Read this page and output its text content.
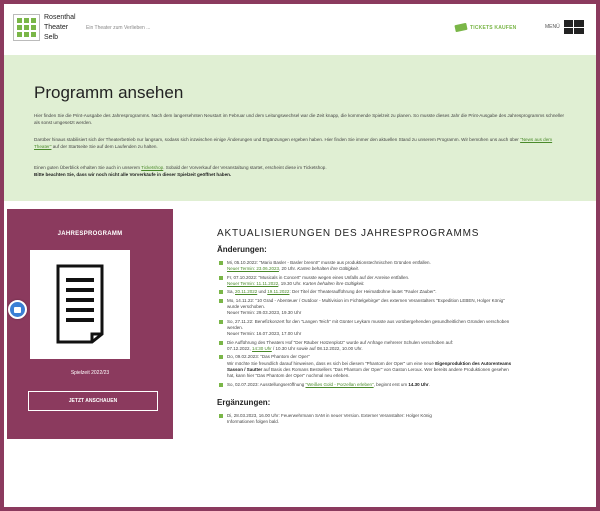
Rosenthal
Theater
Selb
Ein Theater zum Verlieben ...	TICKETS KAUFEN	MENÜ
Programm ansehen

Hier finden Sie die Print-Ausgabe des Jahresprogramms. Nach dem langersehnten Neustart im Februar und dem Leitungswechsel war die Zeit knapp, die kommende Spielzeit zu planen. So musste dieses Jahr die Print-Ausgabe des Jahresprogramms schneller als sonst umgesetzt werden.

Darüber hinaus stabilisiert sich der Theaterbetrieb nur langsam, sodass sich inzwischen einige Änderungen und Ergänzungen ergeben haben. Hier finden Sie immer den aktuellen Stand zu unserem Programm. Wir bemühen uns auch über "News aus dem Theater" auf der Startseite Sie auf dem Laufenden zu halten.

Einen guten Überblick erhalten Sie auch in unserem Ticketshop. Sobald der Vorverkauf der Veranstaltung startet, erscheint diese im Ticketshop.
Bitte beachten Sie, dass wir noch nicht alle Vorverkäufe in dieser Spielzeit geöffnet haben.

JAHRESPROGRAMM
Spielzeit 2022/23
JETZT ANSCHAUEN
AKTUALISIERUNGEN DES JAHRESPROGRAMMS
Änderungen:
Mi, 05.10.2022: "Mario Basler - Basler brennt!" musste aus produktionstechnischen Gründen entfallen.
Neuer Termin: 23.06.2023, 20 Uhr. Karten behalten ihre Gültigkeit.
Fr, 07.10.2022: "Musicals in Concert" musste wegen eines Unfalls auf der Anreise entfallen.
Neuer Termin: 11.11.2022, 19.30 Uhr. Karten behalten ihre Gültigkeit.
Sa, 20.11.2022 und 19.11.2022: Der Titel der Theateraufführung der Heimatbühne lautet "Fauler Zauber".
Mo, 14.11.22: "10 Grad - Abenteuer / Outdoor - Multivision im Fichtelgebirge" des externen Veranstalters "Expedition LEBEN, Holger König"
wurde verschoben.
Neuer Termin: 29.03.2023, 19.30 Uhr
So, 27.11.22: Benefizkonzert für den "Langen Teich" mit Günter Leykam musste aus vorübergehenden gesundheitlichen Gründen verschoben
werden.
Neuer Termin: 16.07.2023, 17.00 Uhr
Die Aufführung des Theaters Hof "Der Räuber Hotzenplotz" wurde auf Anfrage mehrerer Schulen verschoben auf:
07.12.2022, 14:30 Uhr / 10.30 Uhr sowie auf 08.12.2022, 10.00 Uhr.
Do, 09.02.2023: "Das Phantom der Oper"
Wir möchte Sie freundlich darauf hinweisen, dass es sich bei diesem "Phantom der Oper" um eine neue Eigenproduktion des Autorenteams
Sasson / Sautter auf Basis des Romans Bestsellers "Das Phantom der Oper" von Gaston Leroux. Wer bereits andere Produktionen gesehen
hat, kann hier "Das Phantom der Oper" nochmal neu erleben.
So, 02.07.2023: Ausstellungseröffnung "Weißes Gold - Porzellan erleben", beginnt erst um 14.30 Uhr.
Ergänzungen:
Di, 28.03.2023, 16.00 Uhr: Feuerwehrmann SAM in neuer Version. Externer Veranstalter: Holger König
Informationen folgen bald.
